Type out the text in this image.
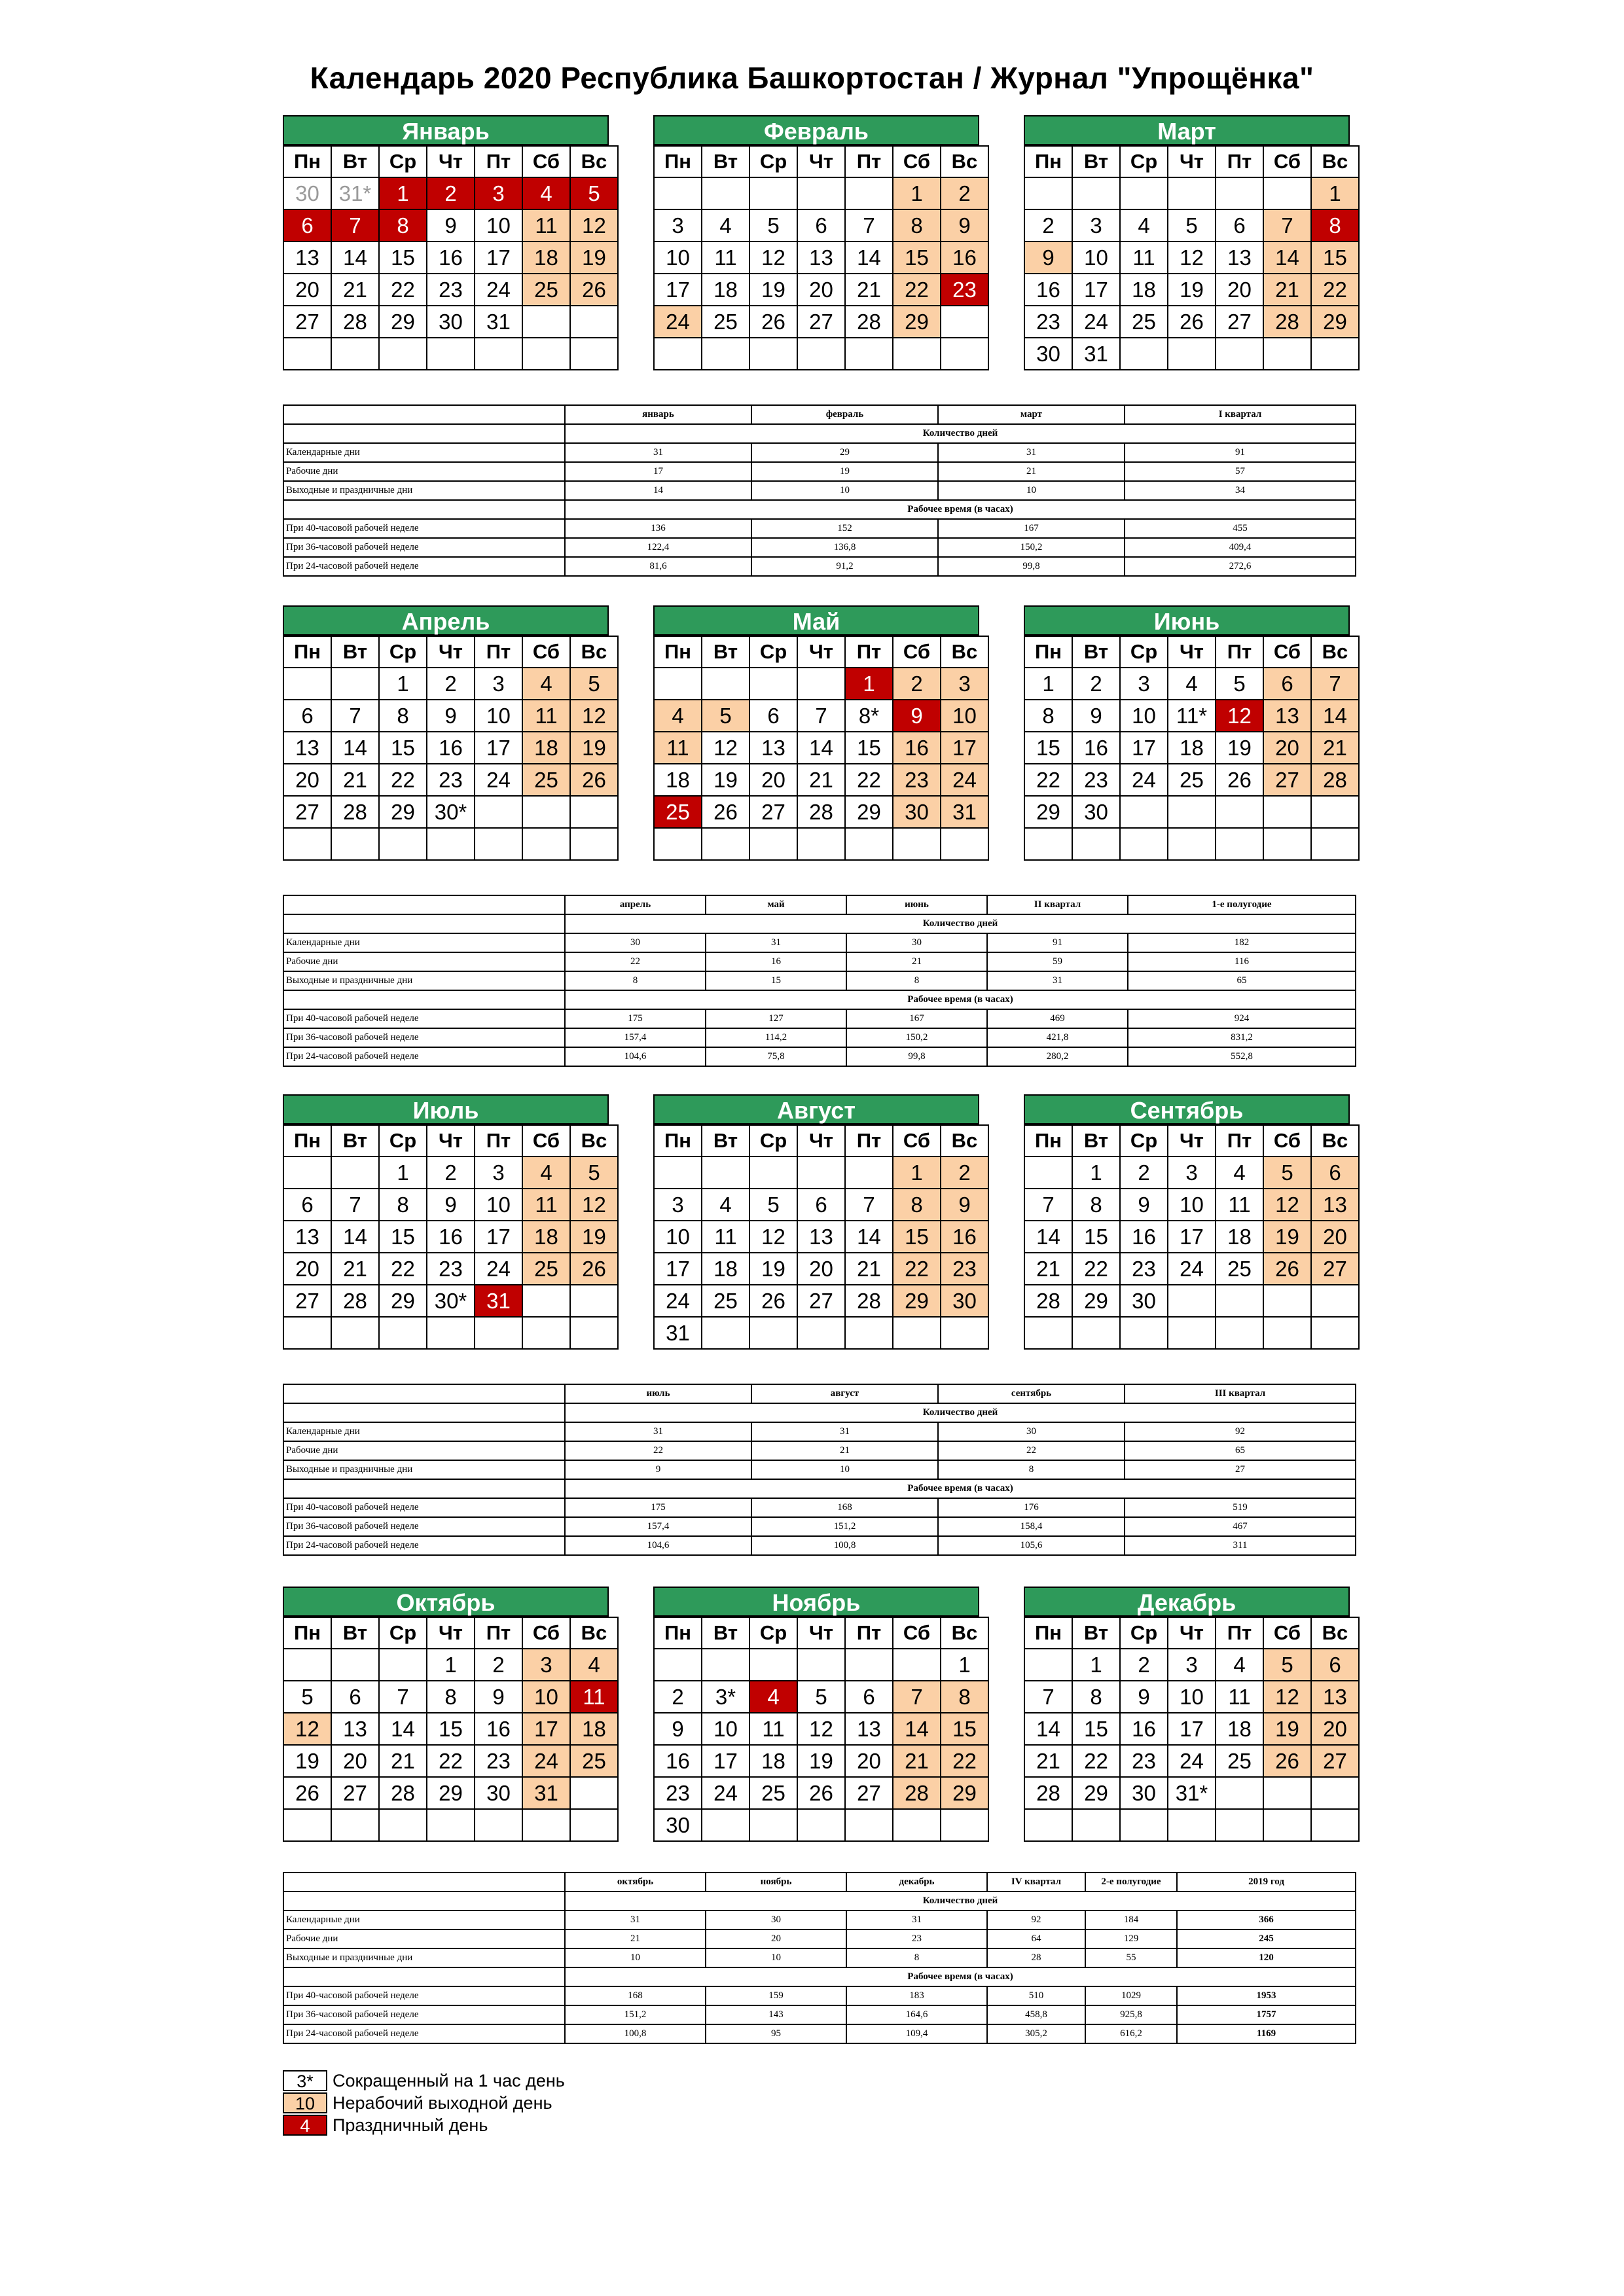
Календарь 2020 Республика Башкортостан / Журнал "Упрощёнка"
Январь
Пн	Вт	Ср	Чт	Пт	Сб	Вс
30	31*	1	2	3	4	5
6	7	8	9	10	11	12
13	14	15	16	17	18	19
20	21	22	23	24	25	26
27	28	29	30	31		

Февраль
Пн	Вт	Ср	Чт	Пт	Сб	Вс
					1	2
3	4	5	6	7	8	9
10	11	12	13	14	15	16
17	18	19	20	21	22	23
24	25	26	27	28	29	

Март
Пн	Вт	Ср	Чт	Пт	Сб	Вс
						1
2	3	4	5	6	7	8
9	10	11	12	13	14	15
16	17	18	19	20	21	22
23	24	25	26	27	28	29
30	31					
Апрель
Пн	Вт	Ср	Чт	Пт	Сб	Вс
		1	2	3	4	5
6	7	8	9	10	11	12
13	14	15	16	17	18	19
20	21	22	23	24	25	26
27	28	29	30*			

Май
Пн	Вт	Ср	Чт	Пт	Сб	Вс
				1	2	3
4	5	6	7	8*	9	10
11	12	13	14	15	16	17
18	19	20	21	22	23	24
25	26	27	28	29	30	31

Июнь
Пн	Вт	Ср	Чт	Пт	Сб	Вс
1	2	3	4	5	6	7
8	9	10	11*	12	13	14
15	16	17	18	19	20	21
22	23	24	25	26	27	28
29	30					

Июль
Пн	Вт	Ср	Чт	Пт	Сб	Вс
		1	2	3	4	5
6	7	8	9	10	11	12
13	14	15	16	17	18	19
20	21	22	23	24	25	26
27	28	29	30*	31		

Август
Пн	Вт	Ср	Чт	Пт	Сб	Вс
					1	2
3	4	5	6	7	8	9
10	11	12	13	14	15	16
17	18	19	20	21	22	23
24	25	26	27	28	29	30
31						
Сентябрь
Пн	Вт	Ср	Чт	Пт	Сб	Вс
	1	2	3	4	5	6
7	8	9	10	11	12	13
14	15	16	17	18	19	20
21	22	23	24	25	26	27
28	29	30				

Октябрь
Пн	Вт	Ср	Чт	Пт	Сб	Вс
			1	2	3	4
5	6	7	8	9	10	11
12	13	14	15	16	17	18
19	20	21	22	23	24	25
26	27	28	29	30	31	

Ноябрь
Пн	Вт	Ср	Чт	Пт	Сб	Вс
						1
2	3*	4	5	6	7	8
9	10	11	12	13	14	15
16	17	18	19	20	21	22
23	24	25	26	27	28	29
30						
Декабрь
Пн	Вт	Ср	Чт	Пт	Сб	Вс
	1	2	3	4	5	6
7	8	9	10	11	12	13
14	15	16	17	18	19	20
21	22	23	24	25	26	27
28	29	30	31*			

	январь	февраль	март	I квартал
	Количество дней			
Календарные дни	31	29	31	91
Рабочие дни	17	19	21	57
Выходные и праздничные дни	14	10	10	34
	Рабочее время (в часах)			
При 40-часовой рабочей неделе	136	152	167	455
При 36-часовой рабочей неделе	122,4	136,8	150,2	409,4
При 24-часовой рабочей неделе	81,6	91,2	99,8	272,6
	апрель	май	июнь	II квартал	1-е полугодие
	Количество дней				
Календарные дни	30	31	30	91	182
Рабочие дни	22	16	21	59	116
Выходные и праздничные дни	8	15	8	31	65
	Рабочее время (в часах)				
При 40-часовой рабочей неделе	175	127	167	469	924
При 36-часовой рабочей неделе	157,4	114,2	150,2	421,8	831,2
При 24-часовой рабочей неделе	104,6	75,8	99,8	280,2	552,8
	июль	август	сентябрь	III квартал
	Количество дней			
Календарные дни	31	31	30	92
Рабочие дни	22	21	22	65
Выходные и праздничные дни	9	10	8	27
	Рабочее время (в часах)			
При 40-часовой рабочей неделе	175	168	176	519
При 36-часовой рабочей неделе	157,4	151,2	158,4	467
При 24-часовой рабочей неделе	104,6	100,8	105,6	311
	октябрь	ноябрь	декабрь	IV квартал	2-е полугодие	2019 год
	Количество дней					
Календарные дни	31	30	31	92	184	366
Рабочие дни	21	20	23	64	129	245
Выходные и праздничные дни	10	10	8	28	55	120
	Рабочее время (в часах)					
При 40-часовой рабочей неделе	168	159	183	510	1029	1953
При 36-часовой рабочей неделе	151,2	143	164,6	458,8	925,8	1757
При 24-часовой рабочей неделе	100,8	95	109,4	305,2	616,2	1169
3*	Сокращенный на 1 час день
10 Нерабочий выходной день
4	Праздничный день
